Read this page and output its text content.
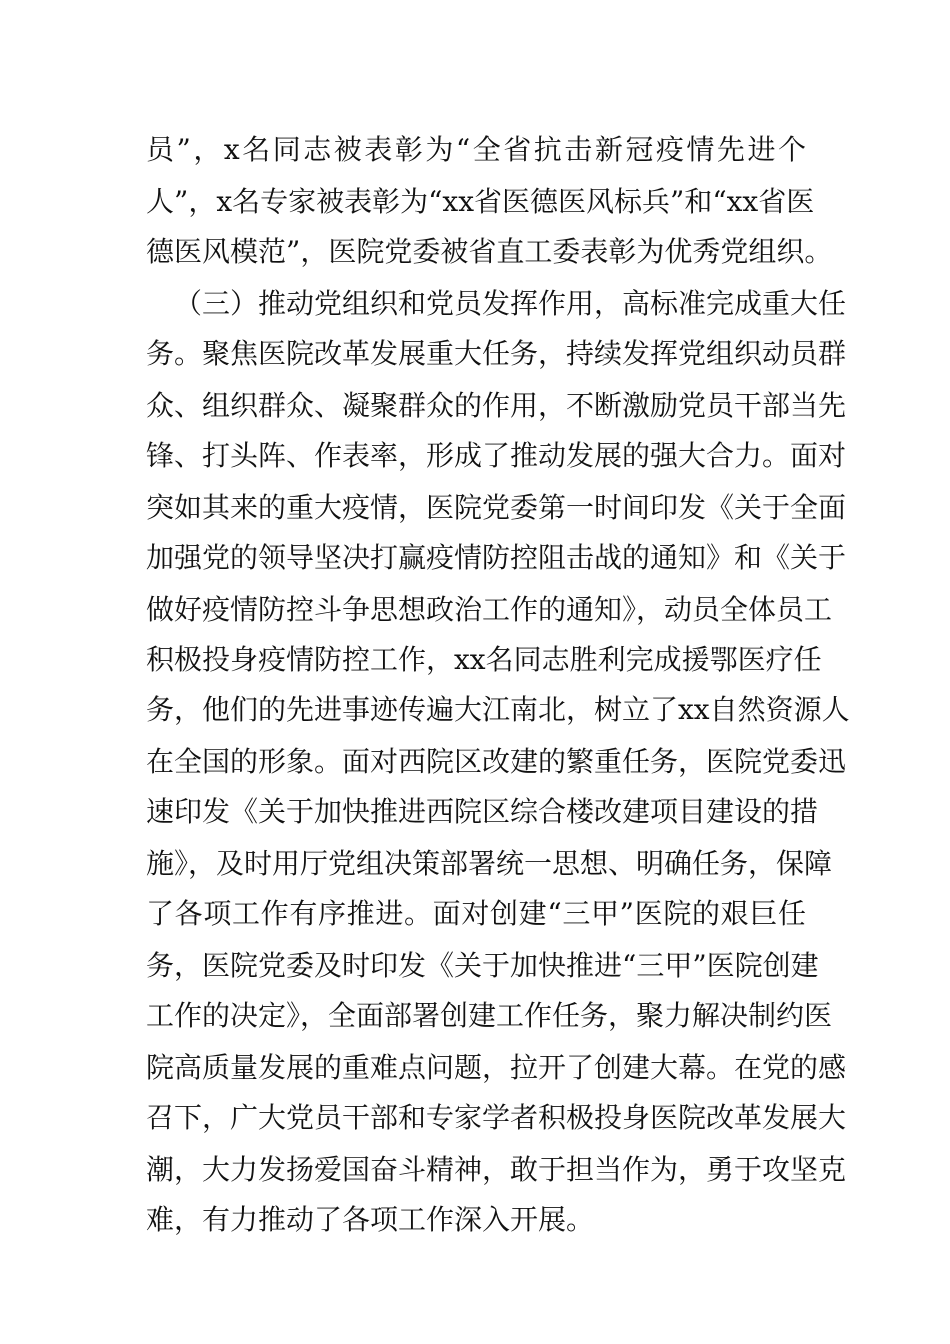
员”，x名同志被表彰为“全省抗击新冠疫情先进个
人”，x名专家被表彰为“xx省医德医风标兵”和“xx省医
德医风模范”，医院党委被省直工委表彰为优秀党组织。
（三）推动党组织和党员发挥作用，高标准完成重大任
务。聚焦医院改革发展重大任务，持续发挥党组织动员群
众、组织群众、凝聚群众的作用，不断激励党员干部当先
锋、打头阵、作表率，形成了推动发展的强大合力。面对
突如其来的重大疫情，医院党委第一时间印发《关于全面
加强党的领导坚决打赢疫情防控阻击战的通知》和《关于
做好疫情防控斗争思想政治工作的通知》，动员全体员工
积极投身疫情防控工作，xx名同志胜利完成援鄂医疗任
务，他们的先进事迹传遍大江南北，树立了xx自然资源人
在全国的形象。面对西院区改建的繁重任务，医院党委迅
速印发《关于加快推进西院区综合楼改建项目建设的措
施》，及时用厅党组决策部署统一思想、明确任务，保障
了各项工作有序推进。面对创建“三甲”医院的艰巨任
务，医院党委及时印发《关于加快推进“三甲”医院创建
工作的决定》，全面部署创建工作任务，聚力解决制约医
院高质量发展的重难点问题，拉开了创建大幕。在党的感
召下，广大党员干部和专家学者积极投身医院改革发展大
潮，大力发扬爱国奋斗精神，敢于担当作为，勇于攻坚克
难，有力推动了各项工作深入开展。
